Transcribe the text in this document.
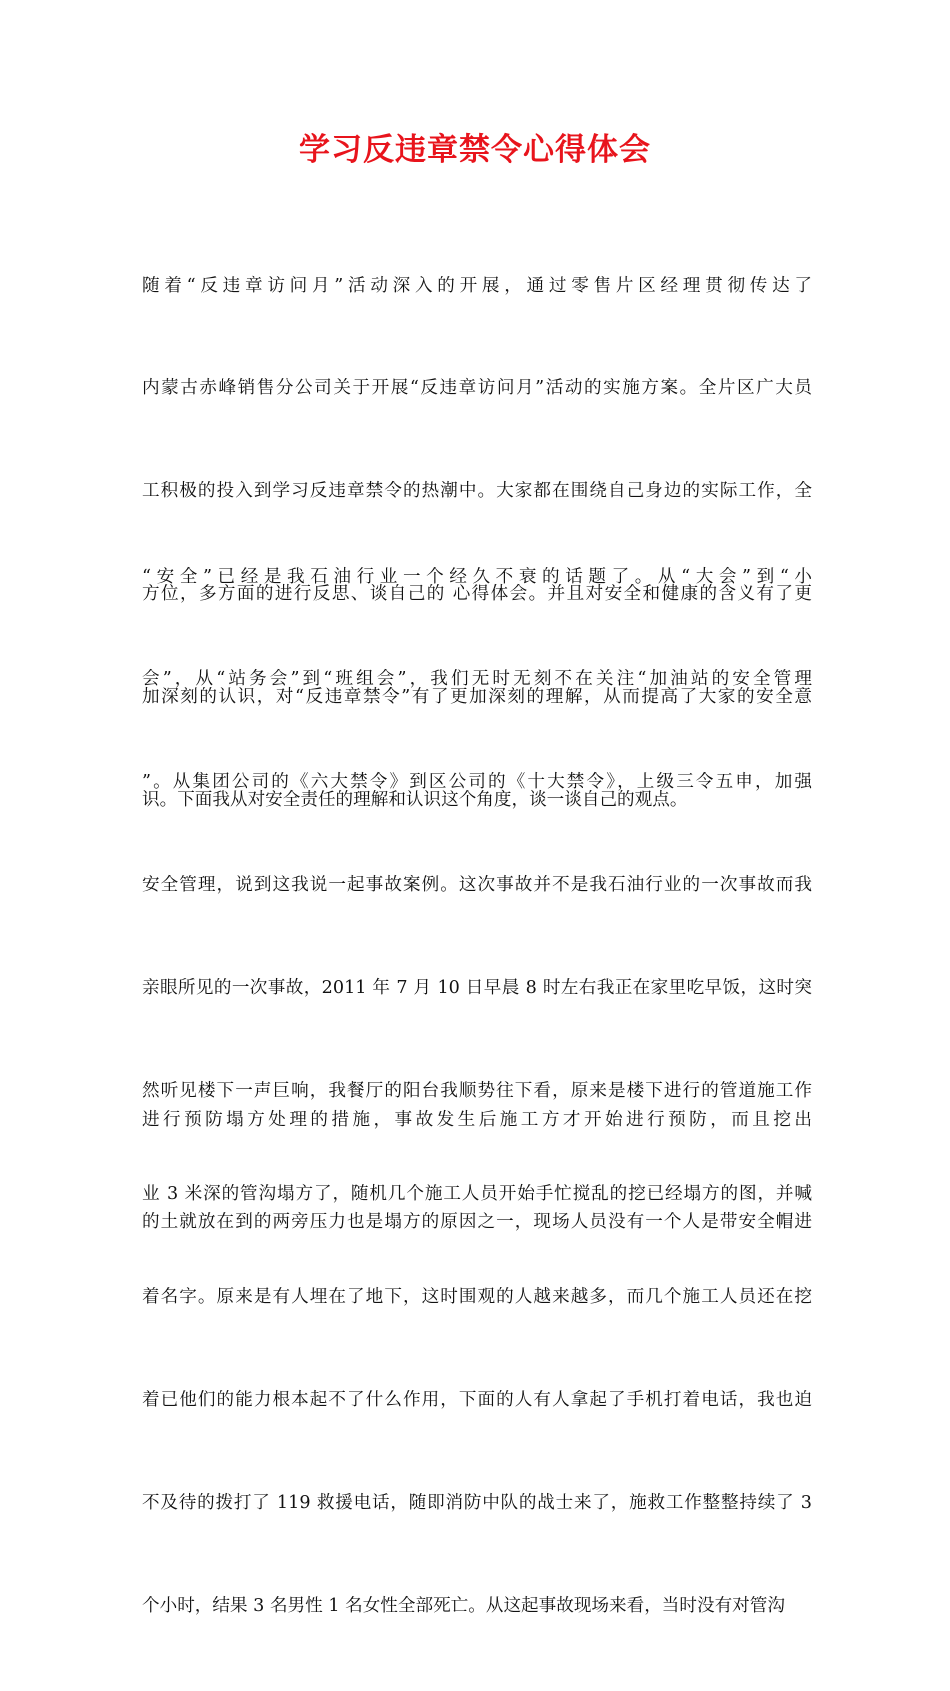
学习反违章禁令心得体会

随着“反违章访问月”活动深入的开展，通过零售片区经理贯彻传达了

内蒙古赤峰销售分公司关于开展“反违章访问月”活动的实施方案。全片区广大员

工积极的投入到学习反违章禁令的热潮中。大家都在围绕自己身边的实际工作，全

方位，多方面的进行反思、谈自己的 心得体会。并且对安全和健康的含义有了更

加深刻的认识，对“反违章禁令”有了更加深刻的理解，从而提高了大家的安全意

识。下面我从对安全责任的理解和认识这个角度，谈一谈自己的观点。

“安全”已经是我石油行业一个经久不衰的话题了。从“大会”到“小

会”，从“站务会”到“班组会”，我们无时无刻不在关注“加油站的安全管理

”。从集团公司的《六大禁令》到区公司的《十大禁令》，上级三令五申，加强

安全管理，说到这我说一起事故案例。这次事故并不是我石油行业的一次事故而我

亲眼所见的一次事故，2011 年 7 月 10 日早晨 8 时左右我正在家里吃早饭，这时突

然听见楼下一声巨响，我餐厅的阳台我顺势往下看，原来是楼下进行的管道施工作

业 3 米深的管沟塌方了，随机几个施工人员开始手忙搅乱的挖已经塌方的图，并喊

着名字。原来是有人埋在了地下，这时围观的人越来越多，而几个施工人员还在挖

着已他们的能力根本起不了什么作用，下面的人有人拿起了手机打着电话，我也迫

不及待的拨打了 119 救援电话，随即消防中队的战士来了，施救工作整整持续了 3

个小时，结果 3 名男性 1 名女性全部死亡。从这起事故现场来看，当时没有对管沟

进行预防塌方处理的措施，事故发生后施工方才开始进行预防，而且挖出

的土就放在到的两旁压力也是塌方的原因之一，现场人员没有一个人是带安全帽进
